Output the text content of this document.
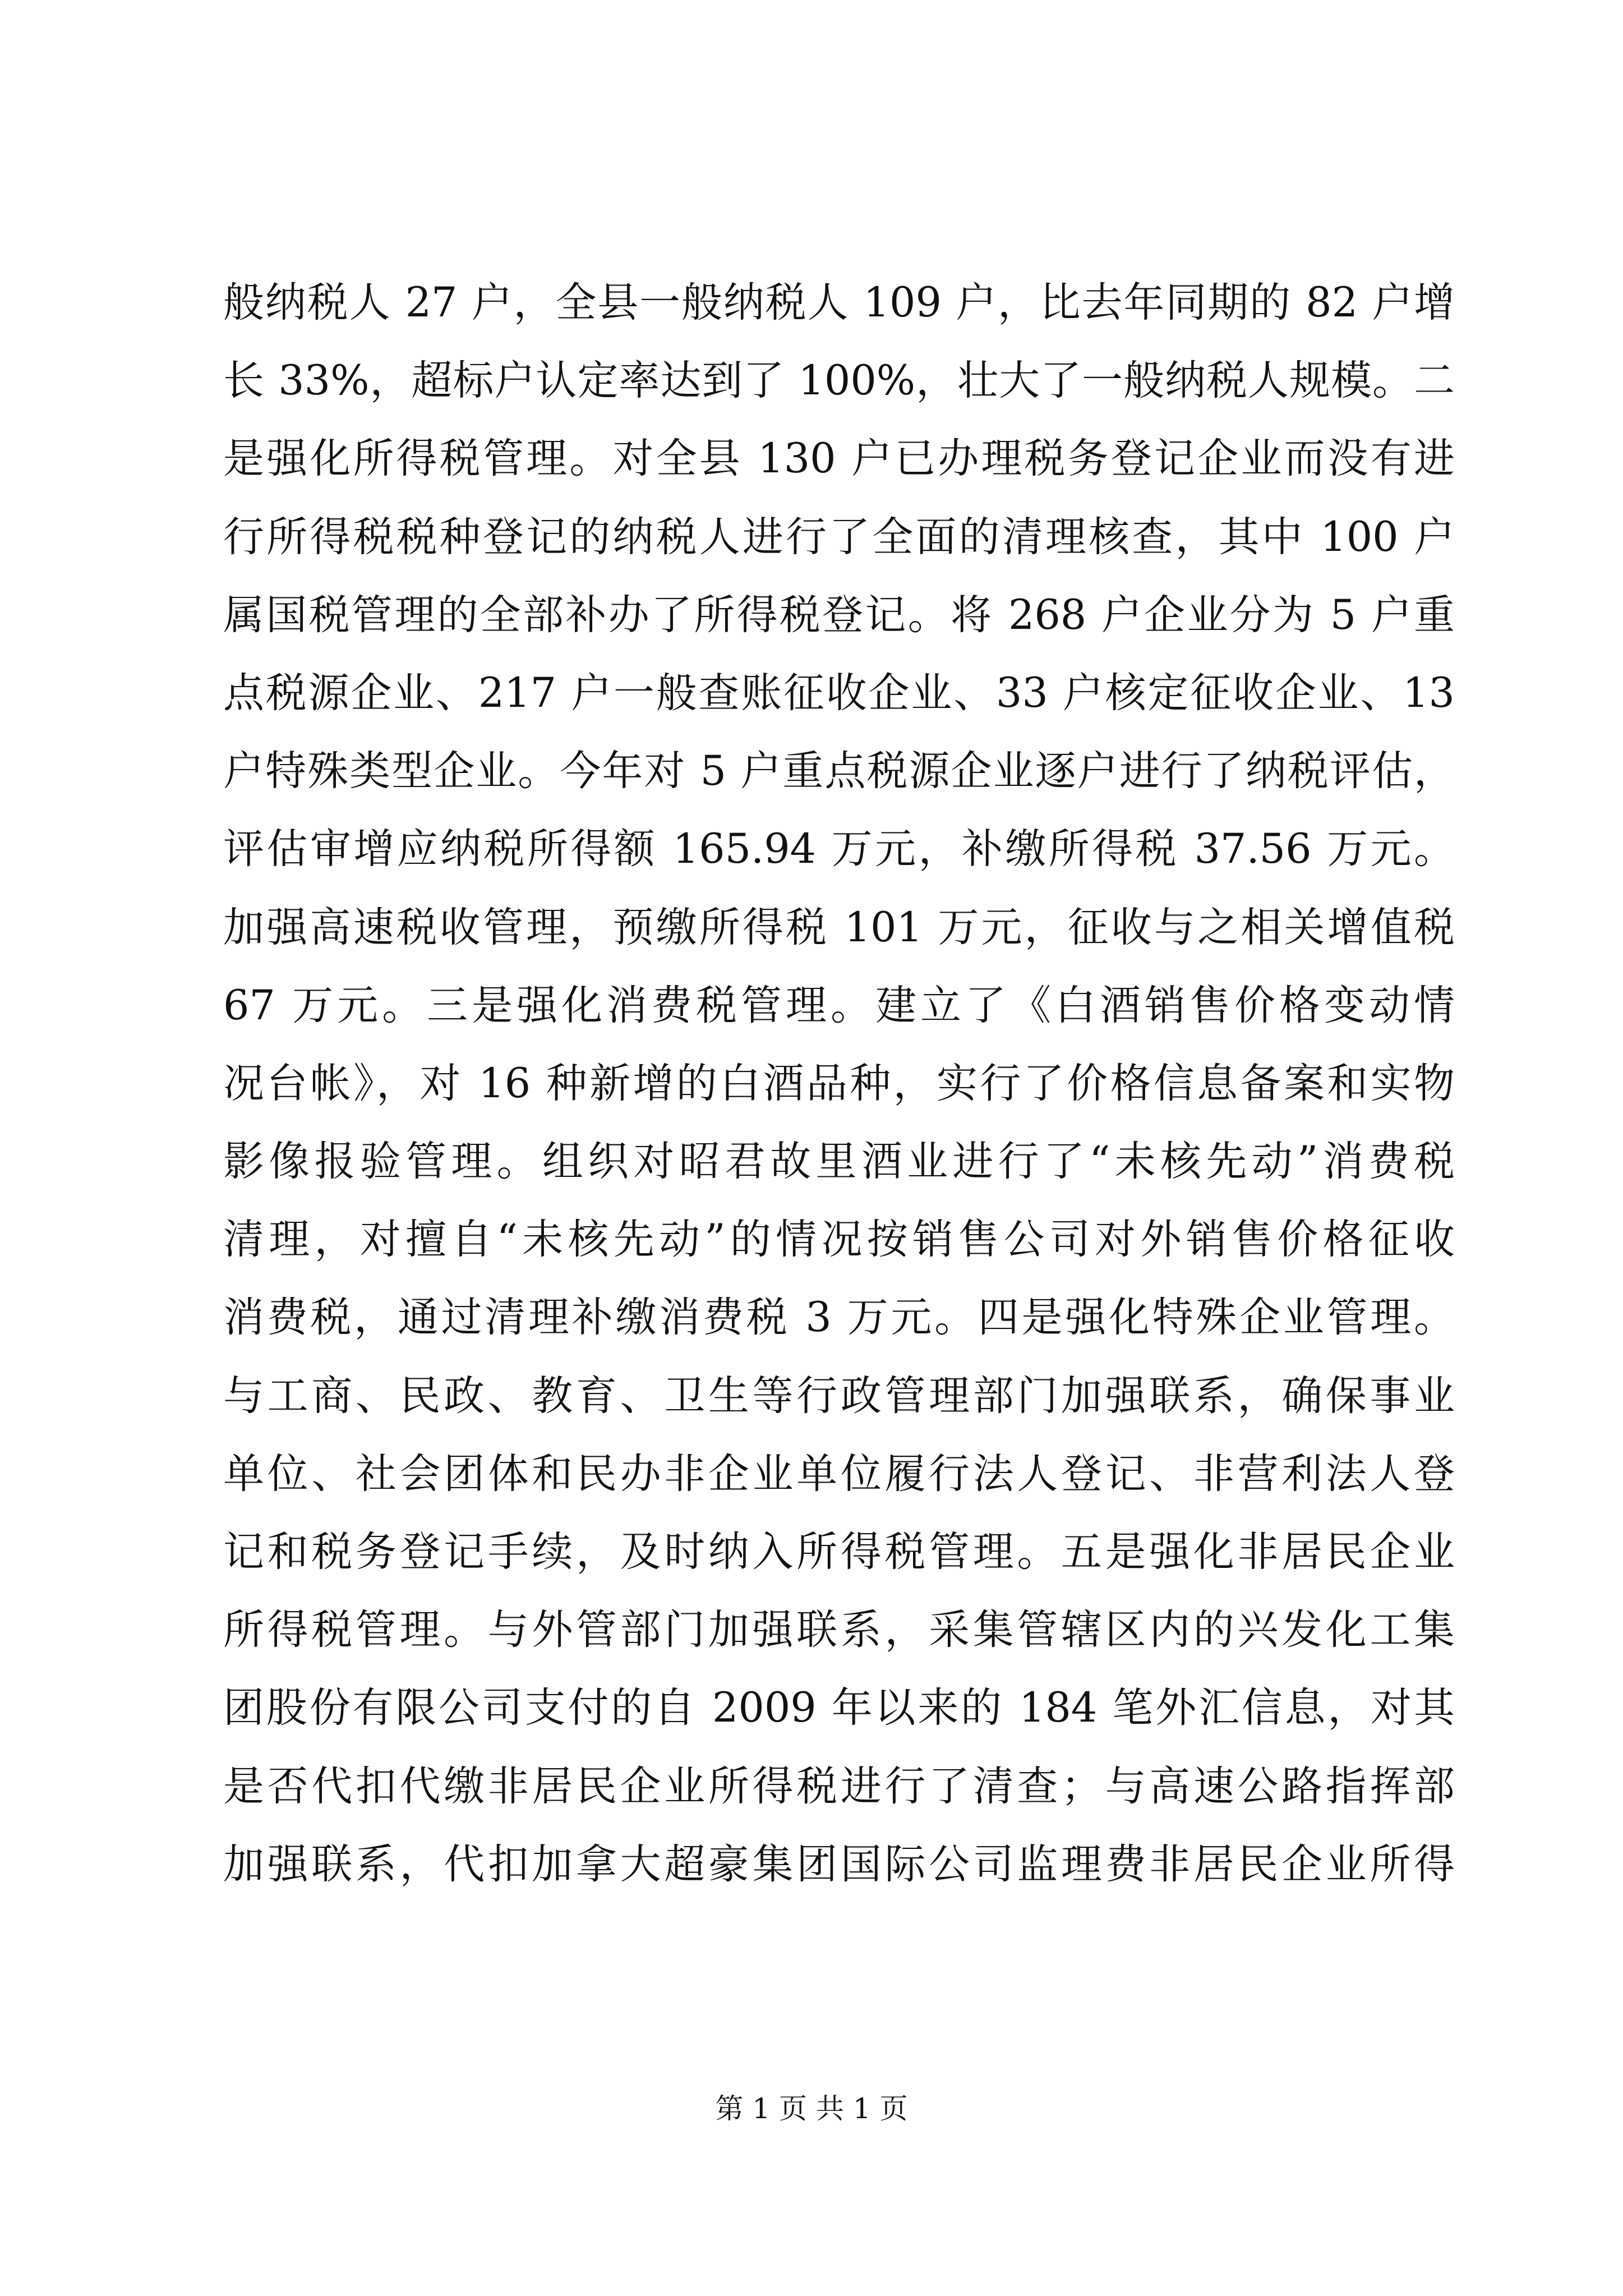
般纳税人 27 户，全县一般纳税人 109 户，比去年同期的 82 户增
长 33%，超标户认定率达到了 100%，壮大了一般纳税人规模。二
是强化所得税管理。对全县 130 户已办理税务登记企业而没有进
行所得税税种登记的纳税人进行了全面的清理核查，其中 100 户
属国税管理的全部补办了所得税登记。将 268 户企业分为 5 户重
点税源企业、217 户一般查账征收企业、33 户核定征收企业、13
户特殊类型企业。今年对 5 户重点税源企业逐户进行了纳税评估，
评估审增应纳税所得额 165.94 万元，补缴所得税 37.56 万元。
加强高速税收管理，预缴所得税 101 万元，征收与之相关增值税
67 万元。三是强化消费税管理。建立了《白酒销售价格变动情
况台帐》，对 16 种新增的白酒品种，实行了价格信息备案和实物
影像报验管理。组织对昭君故里酒业进行了“未核先动”消费税
清理，对擅自“未核先动”的情况按销售公司对外销售价格征收
消费税，通过清理补缴消费税 3 万元。四是强化特殊企业管理。
与工商、民政、教育、卫生等行政管理部门加强联系，确保事业
单位、社会团体和民办非企业单位履行法人登记、非营利法人登
记和税务登记手续，及时纳入所得税管理。五是强化非居民企业
所得税管理。与外管部门加强联系，采集管辖区内的兴发化工集
团股份有限公司支付的自 2009 年以来的 184 笔外汇信息，对其
是否代扣代缴非居民企业所得税进行了清查；与高速公路指挥部
加强联系，代扣加拿大超豪集团国际公司监理费非居民企业所得
第 1 页 共 1 页
